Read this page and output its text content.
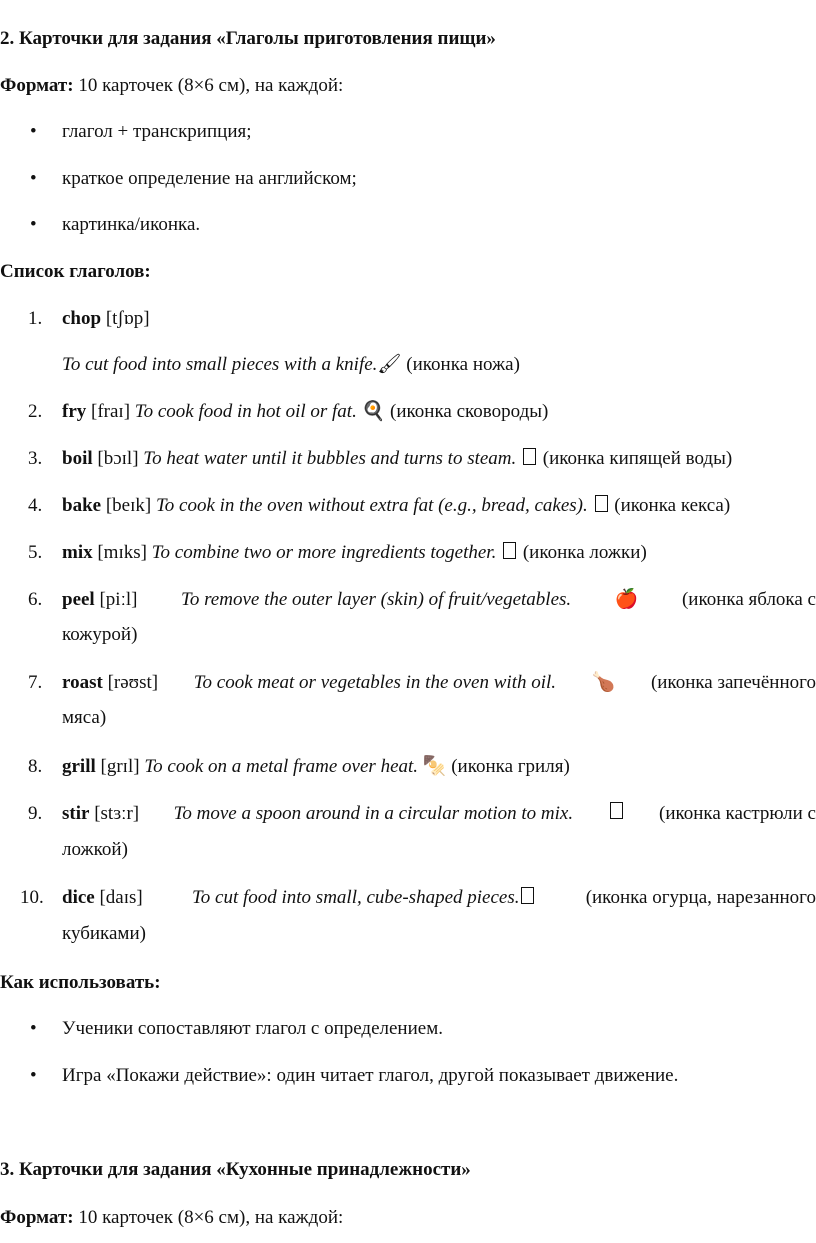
2. Карточки для задания «Глаголы приготовления пищи»
Формат: 10 карточек (8×6 см), на каждой:
• глагол + транскрипция;
• краткое определение на английском;
• картинка/иконка.
Список глаголов:
1.	chop [tʃɒp]
To cut food into small pieces with a knife.🖌 (иконка ножа)
2.	fry [fraɪ] To cook food in hot oil or fat. 🍳 (иконка сковороды)
3.	boil [bɔɪl] To heat water until it bubbles and turns to steam. (иконка кипящей воды)
4.	bake [beɪk] To cook in the oven without extra fat (e.g., bread, cakes). (иконка кекса)
5.	mix [mɪks] To combine two or more ingredients together. (иконка ложки)
6.	peel [piːl] To remove the outer layer (skin) of fruit/vegetables. 🍎 (иконка яблока с
кожурой)
7.	roast [rəʊst] To cook meat or vegetables in the oven with oil. 🍗 (иконка запечённого
мяса)
8.	grill [grɪl] To cook on a metal frame over heat. 🍢 (иконка гриля)
9.	stir [stɜːr] To move a spoon around in a circular motion to mix.	(иконка кастрюли с
ложкой)
10. dice [daɪs]	To cut food into small, cube-shaped pieces.	(иконка огурца, нарезанного
кубиками)
Как использовать:
• Ученики сопоставляют глагол с определением.
• Игра «Покажи действие»: один читает глагол, другой показывает движение.
3. Карточки для задания «Кухонные принадлежности»
Формат: 10 карточек (8×6 см), на каждой:
